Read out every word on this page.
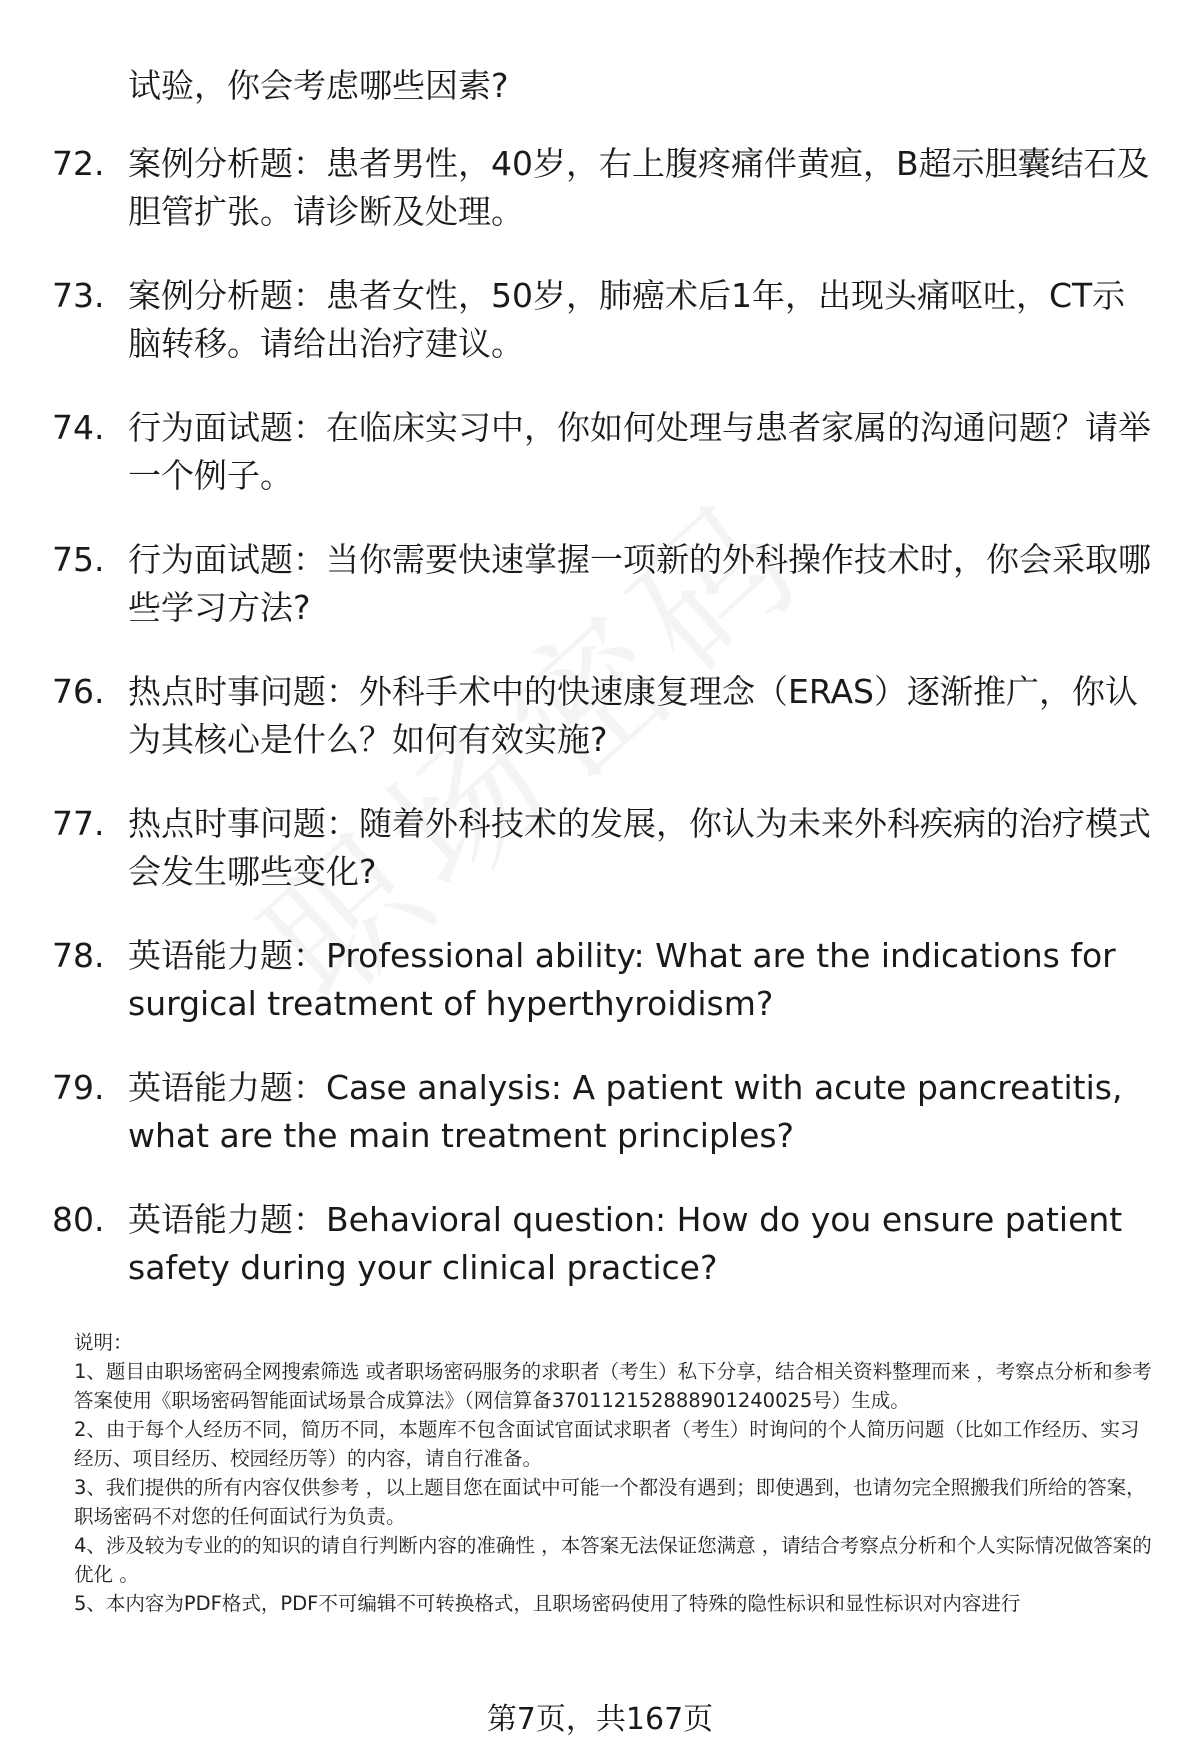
试验，你会考虑哪些因素?

72. 案例分析题：患者男性，40岁，右上腹疼痛伴黄疸，B超示胆囊结石及胆管扩张。请诊断及处理。
73. 案例分析题：患者女性，50岁，肺癌术后1年，出现头痛呕吐，CT示脑转移。请给出治疗建议。
74. 行为面试题：在临床实习中，你如何处理与患者家属的沟通问题？请举一个例子。
75. 行为面试题：当你需要快速掌握一项新的外科操作技术时，你会采取哪些学习方法?
76. 热点时事问题：外科手术中的快速康复理念（ERAS）逐渐推广，你认为其核心是什么？如何有效实施?
77. 热点时事问题：随着外科技术的发展，你认为未来外科疾病的治疗模式会发生哪些变化?
78. 英语能力题：Professional ability: What are the indications for surgical treatment of hyperthyroidism?
79. 英语能力题：Case analysis: A patient with acute pancreatitis, what are the main treatment principles?
80. 英语能力题：Behavioral question: How do you ensure patient safety during your clinical practice?

说明：

1、题目由职场密码全网搜索筛选 或者职场密码服务的求职者（考生）私下分享，结合相关资料整理而来 ，考察点分析和参考答案使用《职场密码智能面试场景合成算法》（网信算备370112152888901240025号）生成。

2、由于每个人经历不同，简历不同，本题库不包含面试官面试求职者（考生）时询问的个人简历问题（比如工作经历、实习经历、项目经历、校园经历等）的内容，请自行准备。

3、我们提供的所有内容仅供参考 ，以上题目您在面试中可能一个都没有遇到；即使遇到，也请勿完全照搬我们所给的答案，职场密码不对您的任何面试行为负责。

4、涉及较为专业的的知识的请自行判断内容的准确性 ，本答案无法保证您满意 ，请结合考察点分析和个人实际情况做答案的优化 。

5、本内容为PDF格式，PDF不可编辑不可转换格式，且职场密码使用了特殊的隐性标识和显性标识对内容进行

第7页，共167页
